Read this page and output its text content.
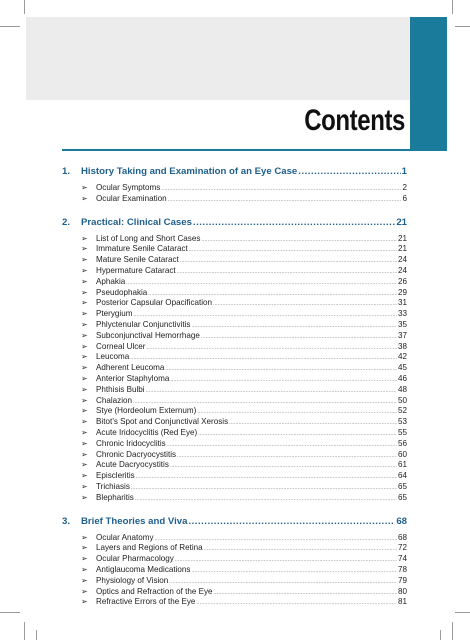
Contents
1.	History Taking and Examination of an Eye Case .....	1
➢	Ocular Symptoms .....	2
➢	Ocular Examination .....	6
2.	Practical: Clinical Cases .....	21
➢	List of Long and Short Cases .....	21
➢	Immature Senile Cataract .....	21
➢	Mature Senile Cataract .....	24
➢	Hypermature Cataract .....	24
➢	Aphakia .....	26
➢	Pseudophakia .....	29
➢	Posterior Capsular Opacification .....	31
➢	Pterygium .....	33
➢	Phlyctenular Conjunctivitis .....	35
➢	Subconjunctival Hemorrhage .....	37
➢	Corneal Ulcer .....	38
➢	Leucoma .....	42
➢	Adherent Leucoma .....	45
➢	Anterior Staphyloma .....	46
➢	Phthisis Bulbi .....	48
➢	Chalazion .....	50
➢	Stye (Hordeolum Externum) .....	52
➢	Bitot’s Spot and Conjunctival Xerosis .....	53
➢	Acute Iridocyclitis (Red Eye) .....	55
➢	Chronic Iridocyclitis .....	56
➢	Chronic Dacryocystitis .....	60
➢	Acute Dacryocystitis .....	61
➢	Episcleritis .....	64
➢	Trichiasis .....	65
➢	Blepharitis .....	65
3.	Brief Theories and Viva .....	68
➢	Ocular Anatomy .....	68
➢	Layers and Regions of Retina .....	72
➢	Ocular Pharmacology .....	74
➢	Antiglaucoma Medications .....	78
➢	Physiology of Vision .....	79
➢	Optics and Refraction of the Eye .....	80
➢	Refractive Errors of the Eye .....	81
